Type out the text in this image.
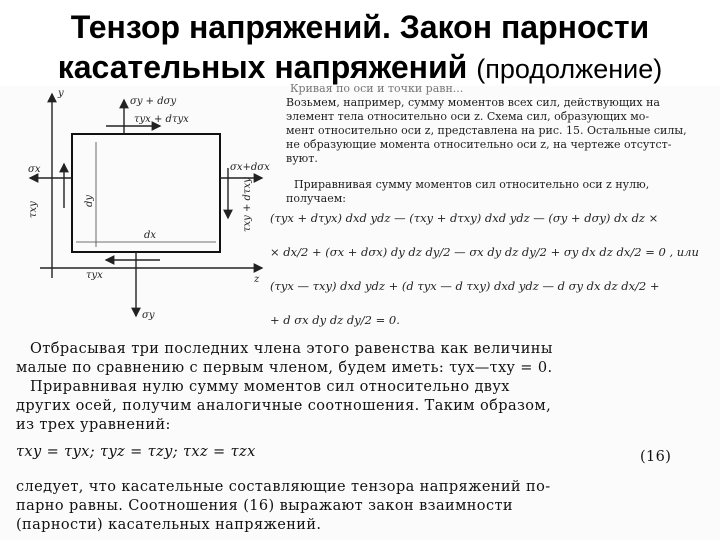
Тензор напряжений. Закон парности
касательных напряжений (продолжение)
y
z
σy + dσy
τyx + dτyx
σx
τxy
dy
σx+dσx
τxy + dτxy
dx
τyx
σy
Кривая по оси и точки равн...
Возьмем, например, сумму моментов всех сил, действующих на
элемент тела относительно оси z. Схема сил, образующих мо-
мент относительно оси z, представлена на рис. 15. Остальные силы,
не образующие момента относительно оси z, на чертеже отсутст-
вуют.
Приравнивая сумму моментов сил относительно оси z нулю,
получаем:
(τyx + dτyx) dxd ydz — (τxy + dτxy) dxd ydz — (σy + dσy) dx dz ×
× dx/2 + (σx + dσx) dy dz dy/2 — σx dy dz dy/2 + σy dx dz dx/2 = 0 , или
(τyx — τxy) dxd ydz + (d τyx — d τxy) dxd ydz — d σy dx dz dx/2 +
+ d σx dy dz dy/2 = 0.
Отбрасывая три последних члена этого равенства как величины
малые по сравнению с первым членом, будем иметь: τyx—τxy = 0.
Приравнивая нулю сумму моментов сил относительно двух
других осей, получим аналогичные соотношения. Таким образом,
из трех уравнений:
τxy = τyx; τyz = τzy; τxz = τzx	(16)
следует, что касательные составляющие тензора напряжений по-
парно равны. Соотношения (16) выражают закон взаимности
(парности) касательных напряжений.
